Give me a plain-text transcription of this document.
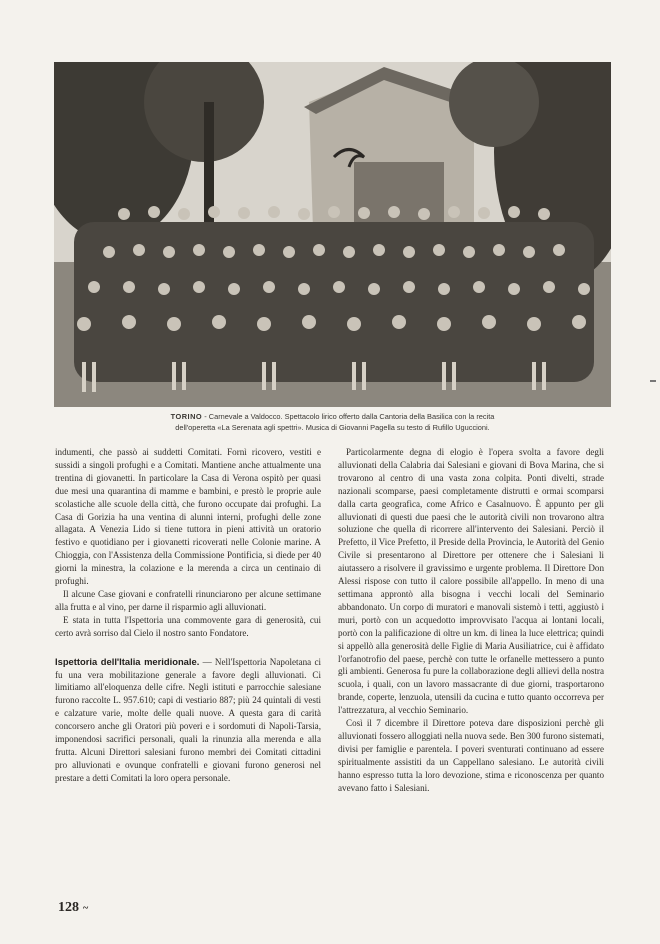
TORINO - Carnevale a Valdocco. Spettacolo lirico offerto dalla Cantoria della Basilica con la recita
dell'operetta «La Serenata agli spettri». Musica di Giovanni Pagella su testo di Rufillo Uguccioni.

indumenti, che passò ai suddetti Comitati. Fornì ricovero, vestiti e sussidi a singoli profughi e a Comitati. Mantiene anche attualmente una trentina di giovanetti. In particolare la Casa di Verona ospitò per quasi due mesi una quarantina di mamme e bambini, e prestò le proprie aule scolastiche alle scuole della città, che furono occupate dai profughi. La Casa di Gorizia ha una ventina di alunni interni, profughi delle zone allagata. A Venezia Lido si tiene tuttora in pieni attività un oratorio festivo e quotidiano per i giovanetti ricoverati nelle Colonie marine. A Chioggia, con l'Assistenza della Commissione Pontificia, si diede per 40 giorni la minestra, la colazione e la merenda a circa un centinaio di profughi.

Il alcune Case giovani e confratelli rinunciarono per alcune settimane alla frutta e al vino, per darne il risparmio agli alluvionati.

E stata in tutta l'Ispettoria una commovente gara di generosità, cui certo avrà sorriso dal Cielo il nostro santo Fondatore.

Ispettoria dell'Italia meridionale. — Nell'Ispettoria Napoletana ci fu una vera mobilitazione generale a favore degli alluvionati. Ci limitiamo all'eloquenza delle cifre. Negli istituti e parrocchie salesiane furono raccolte L. 957.610; capi di vestiario 887; più 24 quintali di vesti e calzature varie, molte delle quali nuove. A questa gara di carità concorsero anche gli Oratori più poveri e i sordomuti di Napoli-Tarsia, imponendosi sacrifici personali, quali la rinunzia alla merenda e alla frutta. Alcuni Direttori salesiani furono membri dei Comitati cittadini pro alluvionati e ovunque confratelli e giovani furono generosi nel prestare a detti Comitati la loro opera personale.

Particolarmente degna di elogio è l'opera svolta a favore degli alluvionati della Calabria dai Salesiani e giovani di Bova Marina, che si trovarono al centro di una vasta zona colpita. Ponti divelti, strade nazionali scomparse, paesi completamente distrutti e ormai scomparsi dalla carta geografica, come Africo e Casalnuovo. È appunto per gli alluvionati di questi due paesi che le autorità civili non trovarono altra soluzione che quella di ricorrere all'intervento dei Salesiani. Perciò il Prefetto, il Vice Prefetto, il Preside della Provincia, le Autorità del Genio Civile si presentarono al Direttore per ottenere che i Salesiani li aiutassero a risolvere il gravissimo e urgente problema. Il Direttore Don Alessi rispose con tutto il calore possibile all'appello. In meno di una settimana approntò alla bisogna i vecchi locali del Seminario abbandonato. Un corpo di muratori e manovali sistemò i tetti, aggiustò i muri, portò con un acquedotto improvvisato l'acqua ai lontani locali, portò con la palificazione di oltre un km. di linea la luce elettrica; quindi si appellò alla generosità delle Figlie di Maria Ausiliatrice, cui è affidato l'orfanotrofio del paese, perchè con tutte le orfanelle mettessero a punto gli ambienti. Generosa fu pure la collaborazione degli allievi della nostra scuola, i quali, con un lavoro massacrante di due giorni, trasportarono brande, coperte, lenzuola, utensili da cucina e tutto quanto occorreva per l'attrezzatura, al vecchio Seminario.

Così il 7 dicembre il Direttore poteva dare disposizioni perchè gli alluvionati fossero alloggiati nella nuova sede. Ben 300 furono sistemati, divisi per famiglie e parentela. I poveri sventurati continuano ad essere spiritualmente assistiti da un Cappellano salesiano. Le autorità civili hanno espresso tutta la loro devozione, stima e riconoscenza per quanto avevano fatto i Salesiani.

128 ~
